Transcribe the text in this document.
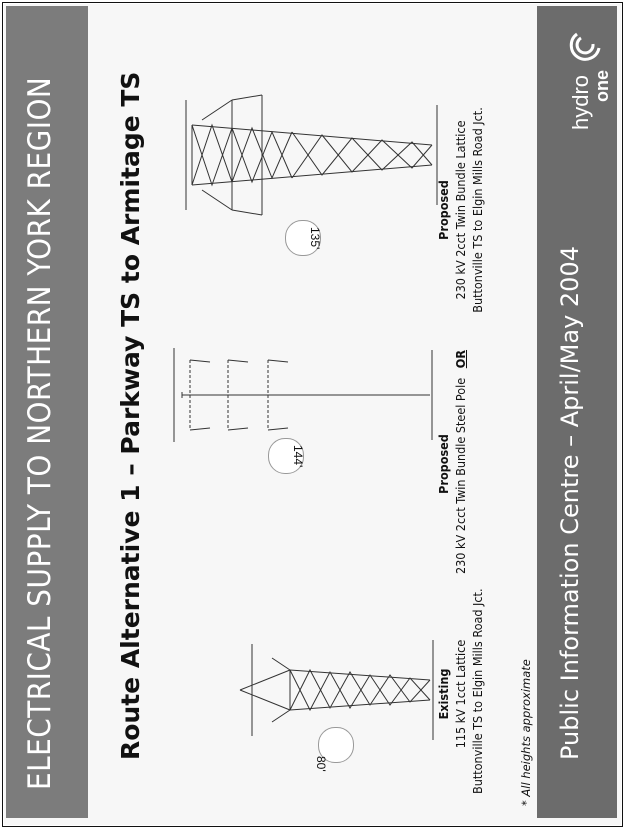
ELECTRICAL SUPPLY TO NORTHERN YORK REGION Route Alternative 1 – Parkway TS to Armitage TS
80'
144'
135'
Existing 115 kV 1cct Lattice Buttonville TS to Elgin Mills Road Jct.
Proposed 230 kV 2cct Twin Bundle Steel Pole OR
Proposed 230 kV 2cct Twin Bundle Lattice Buttonville TS to Elgin Mills Road Jct.
* All heights approximate Public Information Centre – April/May 2004
hydro one
